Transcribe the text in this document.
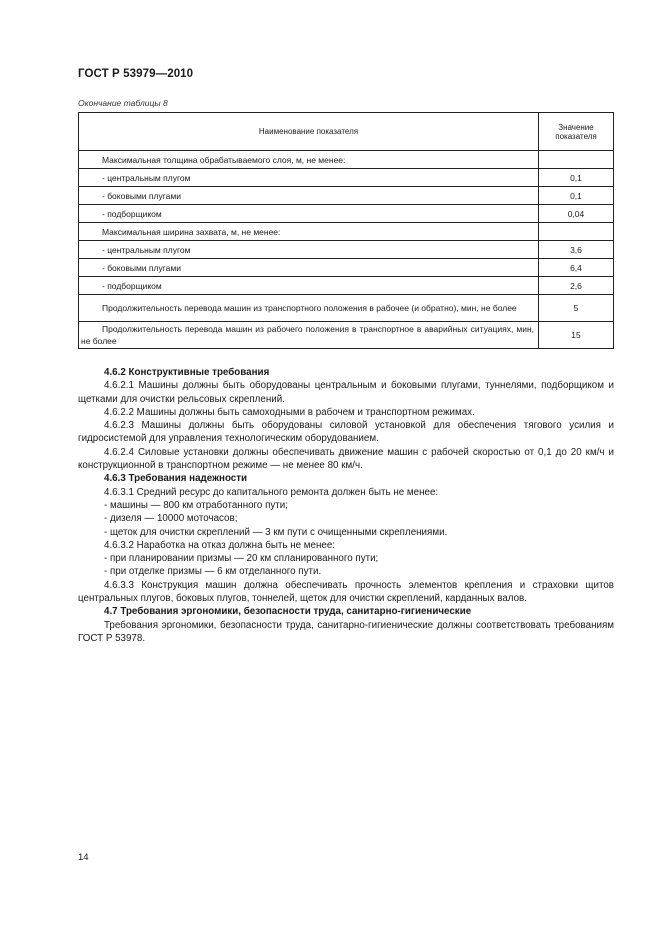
ГОСТ Р 53979—2010
Окончание таблицы 8
Наименование показателя	Значение показателя
Максимальная толщина обрабатываемого слоя, м, не менее:	
- центральным плугом	0,1
- боковыми плугами	0,1
- подборщиком	0,04
Максимальная ширина захвата, м, не менее:	
- центральным плугом	3,6
- боковыми плугами	6,4
- подборщиком	2,6
Продолжительность перевода машин из транспортного положения в рабочее (и обратно), мин, не более	5
Продолжительность перевода машин из рабочего положения в транспортное в аварийных ситуациях, мин, не более	15

4.6.2 Конструктивные требования

4.6.2.1 Машины должны быть оборудованы центральным и боковыми плугами, туннелями, подборщиком и щетками для очистки рельсовых скреплений.

4.6.2.2 Машины должны быть самоходными в рабочем и транспортном режимах.

4.6.2.3 Машины должны быть оборудованы силовой установкой для обеспечения тягового усилия и гидросистемой для управления технологическим оборудованием.

4.6.2.4 Силовые установки должны обеспечивать движение машин с рабочей скоростью от 0,1 до 20 км/ч и конструкционной в транспортном режиме — не менее 80 км/ч.

4.6.3 Требования надежности

4.6.3.1 Средний ресурс до капитального ремонта должен быть не менее:

- машины — 800 км отработанного пути;

- дизеля — 10000 моточасов;

- щеток для очистки скреплений — 3 км пути с очищенными скреплениями.

4.6.3.2 Наработка на отказ должна быть не менее:

- при планировании призмы — 20 км спланированного пути;

- при отделке призмы — 6 км отделанного пути.

4.6.3.3 Конструкция машин должна обеспечивать прочность элементов крепления и страховки щитов центральных плугов, боковых плугов, тоннелей, щеток для очистки скреплений, карданных валов.

4.7 Требования эргономики, безопасности труда, санитарно-гигиенические

Требования эргономики, безопасности труда, санитарно-гигиенические должны соответствовать требованиям ГОСТ Р 53978.

14
